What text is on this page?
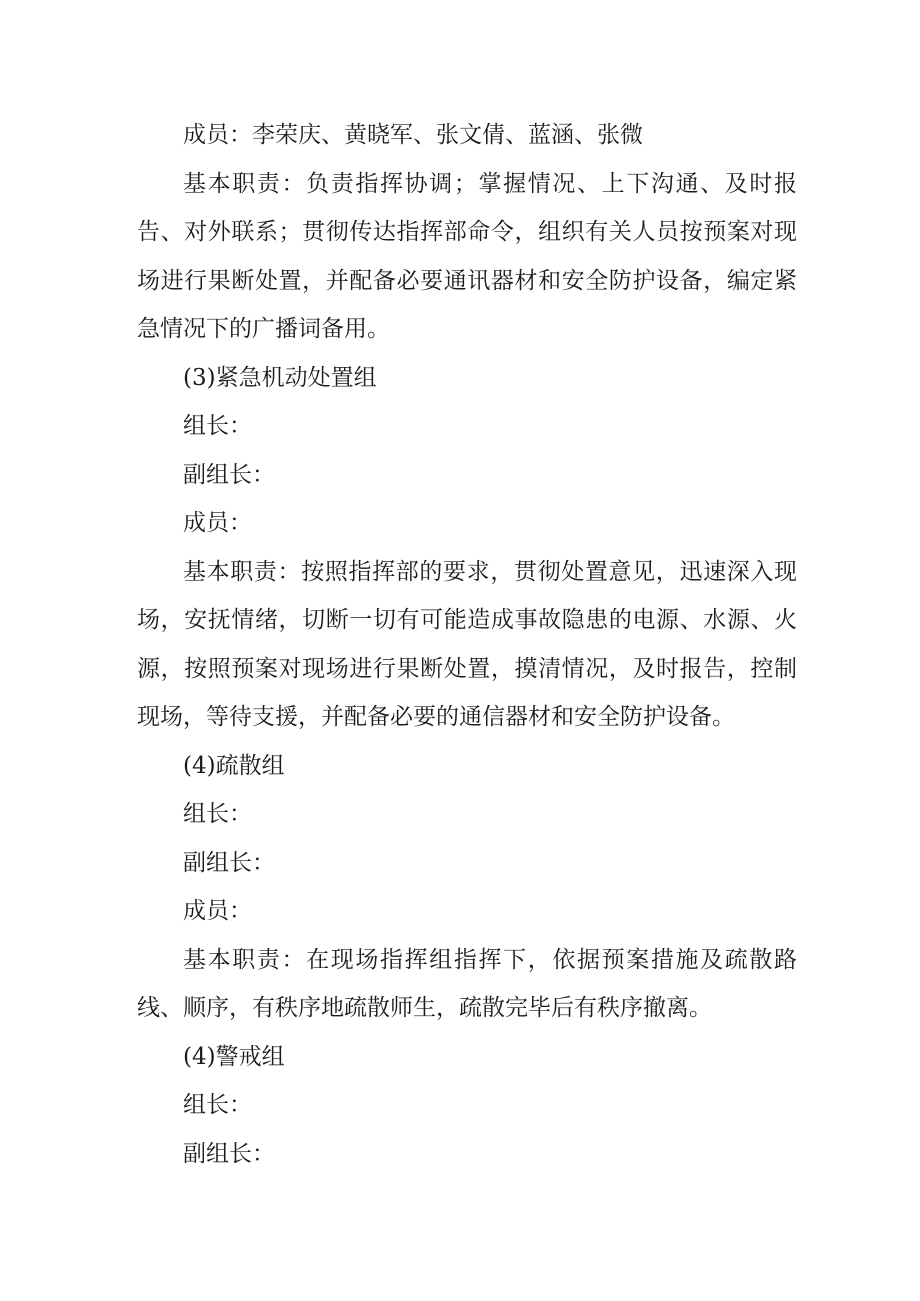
成员：李荣庆、黄晓军、张文倩、蓝涵、张微

基本职责：负责指挥协调；掌握情况、上下沟通、及时报告、对外联系；贯彻传达指挥部命令，组织有关人员按预案对现场进行果断处置，并配备必要通讯器材和安全防护设备，编定紧急情况下的广播词备用。

(3)紧急机动处置组

组长：

副组长：

成员：

基本职责：按照指挥部的要求，贯彻处置意见，迅速深入现场，安抚情绪，切断一切有可能造成事故隐患的电源、水源、火源，按照预案对现场进行果断处置，摸清情况，及时报告，控制现场，等待支援，并配备必要的通信器材和安全防护设备。

(4)疏散组

组长：

副组长：

成员：

基本职责：在现场指挥组指挥下，依据预案措施及疏散路线、顺序，有秩序地疏散师生，疏散完毕后有秩序撤离。

(4)警戒组

组长：

副组长：
